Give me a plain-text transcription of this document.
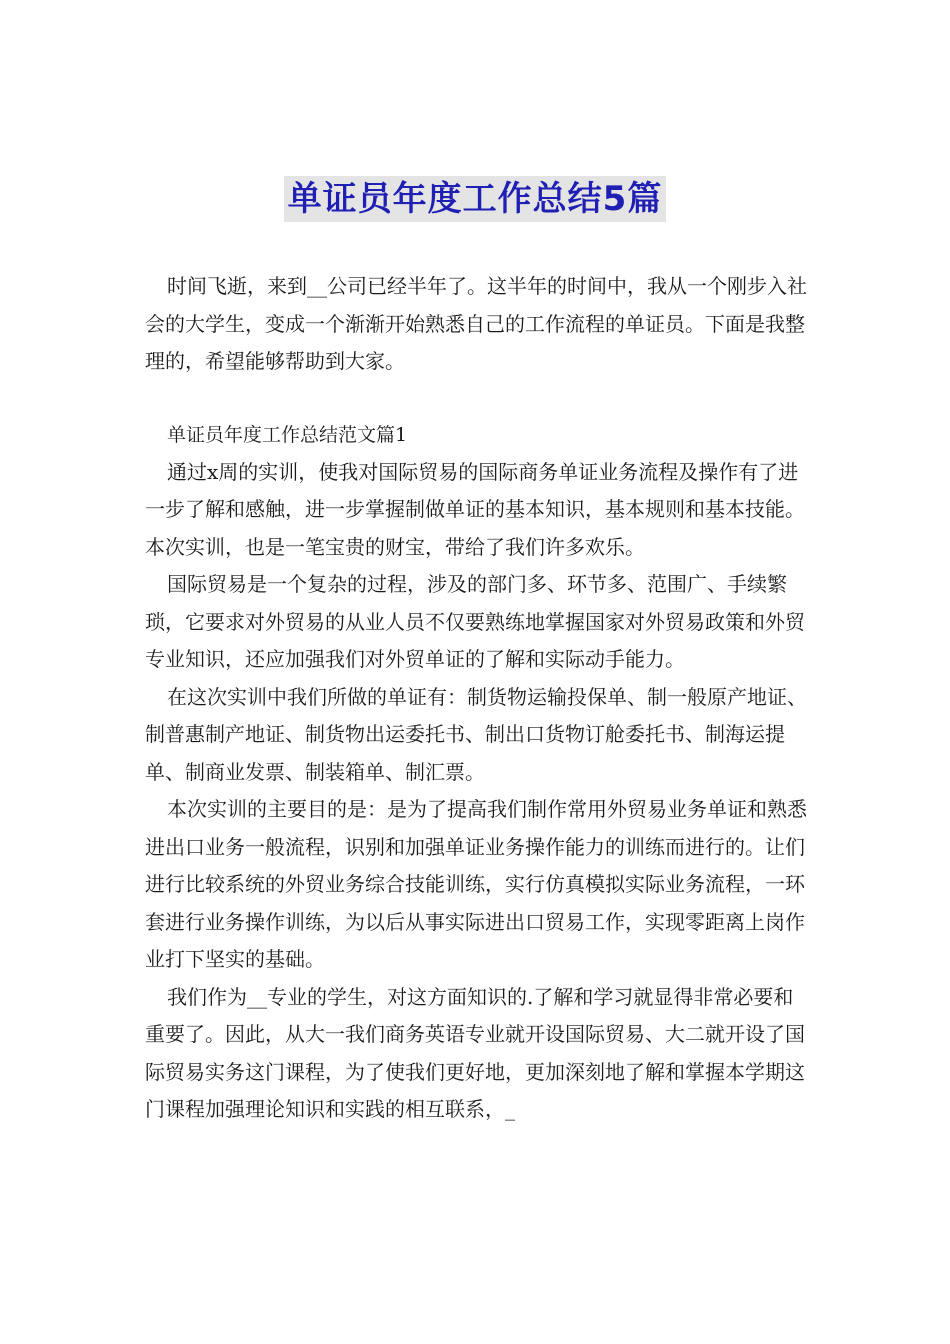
单证员年度工作总结5篇

时间飞逝，来到__公司已经半年了。这半年的时间中，我从一个刚步入社会的大学生，变成一个渐渐开始熟悉自己的工作流程的单证员。下面是我整理的，希望能够帮助到大家。

单证员年度工作总结范文篇1

通过x周的实训，使我对国际贸易的国际商务单证业务流程及操作有了进一步了解和感触，进一步掌握制做单证的基本知识，基本规则和基本技能。本次实训，也是一笔宝贵的财宝，带给了我们许多欢乐。

国际贸易是一个复杂的过程，涉及的部门多、环节多、范围广、手续繁琐，它要求对外贸易的从业人员不仅要熟练地掌握国家对外贸易政策和外贸专业知识，还应加强我们对外贸单证的了解和实际动手能力。

在这次实训中我们所做的单证有：制货物运输投保单、制一般原产地证、制普惠制产地证、制货物出运委托书、制出口货物订舱委托书、制海运提单、制商业发票、制装箱单、制汇票。

本次实训的主要目的是：是为了提高我们制作常用外贸易业务单证和熟悉进出口业务一般流程，识别和加强单证业务操作能力的训练而进行的。让们进行比较系统的外贸业务综合技能训练，实行仿真模拟实际业务流程，一环套进行业务操作训练，为以后从事实际进出口贸易工作，实现零距离上岗作业打下坚实的基础。

我们作为__专业的学生，对这方面知识的.了解和学习就显得非常必要和重要了。因此，从大一我们商务英语专业就开设国际贸易、大二就开设了国际贸易实务这门课程，为了使我们更好地，更加深刻地了解和掌握本学期这门课程加强理论知识和实践的相互联系，_
